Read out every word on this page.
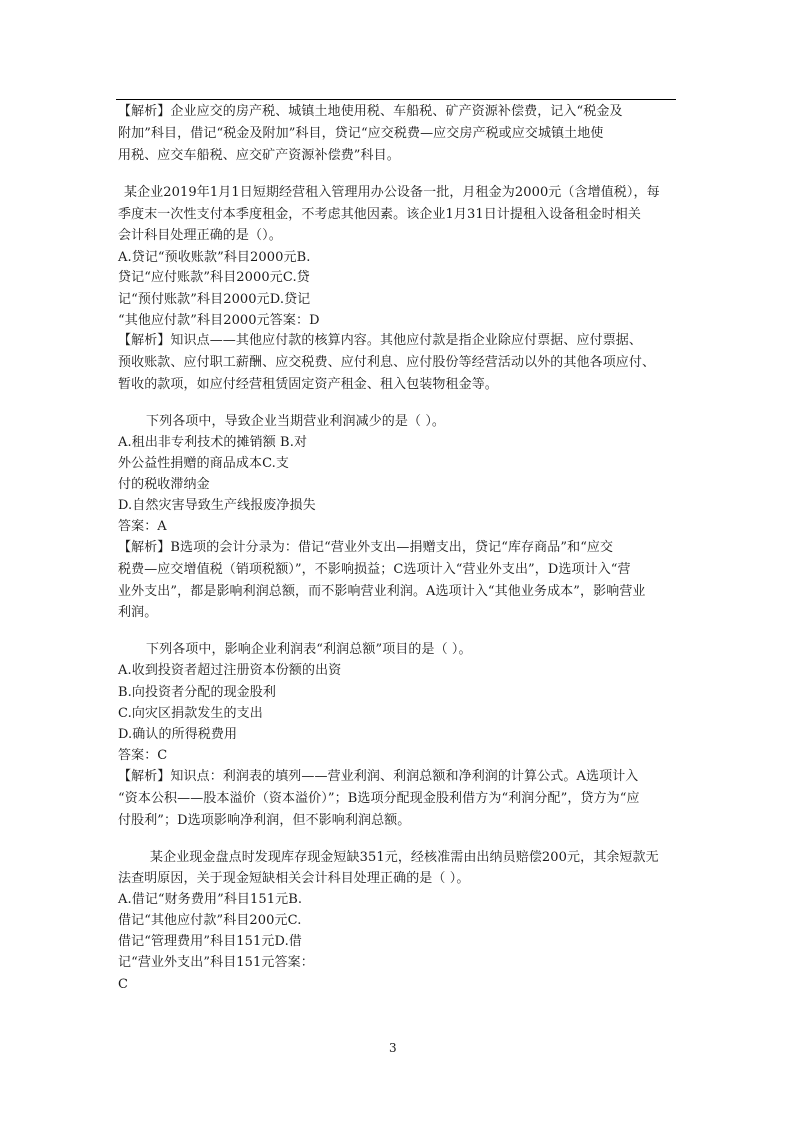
【解析】企业应交的房产税、城镇土地使用税、车船税、矿产资源补偿费，记入“税金及
附加”科目，借记“税金及附加”科目，贷记“应交税费—应交房产税或应交城镇土地使
用税、应交车船税、应交矿产资源补偿费”科目。
某企业2019年1月1日短期经营租入管理用办公设备一批，月租金为2000元（含增值税），每
季度末一次性支付本季度租金，不考虑其他因素。该企业1月31日计提租入设备租金时相关
会计科目处理正确的是（）。
A.贷记“预收账款”科目2000元B.
贷记“应付账款”科目2000元C.贷
记“预付账款”科目2000元D.贷记
“其他应付款”科目2000元答案：D
【解析】知识点——其他应付款的核算内容。其他应付款是指企业除应付票据、应付票据、
预收账款、应付职工薪酬、应交税费、应付利息、应付股份等经营活动以外的其他各项应付、
暂收的款项，如应付经营租赁固定资产租金、租入包装物租金等。
下列各项中，导致企业当期营业利润减少的是（ ）。
A.租出非专利技术的摊销额 B.对
外公益性捐赠的商品成本C.支
付的税收滞纳金
D.自然灾害导致生产线报废净损失
答案：A
【解析】B选项的会计分录为：借记“营业外支出—捐赠支出，贷记“库存商品”和“应交
税费—应交增值税（销项税额）”，不影响损益；C选项计入“营业外支出”，D选项计入“营
业外支出”，都是影响利润总额，而不影响营业利润。A选项计入“其他业务成本”，影响营业
利润。
下列各项中，影响企业利润表“利润总额”项目的是（ ）。
A.收到投资者超过注册资本份额的出资
B.向投资者分配的现金股利
C.向灾区捐款发生的支出
D.确认的所得税费用
答案：C
【解析】知识点：利润表的填列——营业利润、利润总额和净利润的计算公式。A选项计入
“资本公积——股本溢价（资本溢价）”；B选项分配现金股利借方为“利润分配”，贷方为“应
付股利”；D选项影响净利润，但不影响利润总额。
某企业现金盘点时发现库存现金短缺351元，经核准需由出纳员赔偿200元，其余短款无
法查明原因，关于现金短缺相关会计科目处理正确的是（ ）。
A.借记“财务费用”科目151元B.
借记“其他应付款”科目200元C.
借记“管理费用”科目151元D.借
记“营业外支出”科目151元答案：
C
3
